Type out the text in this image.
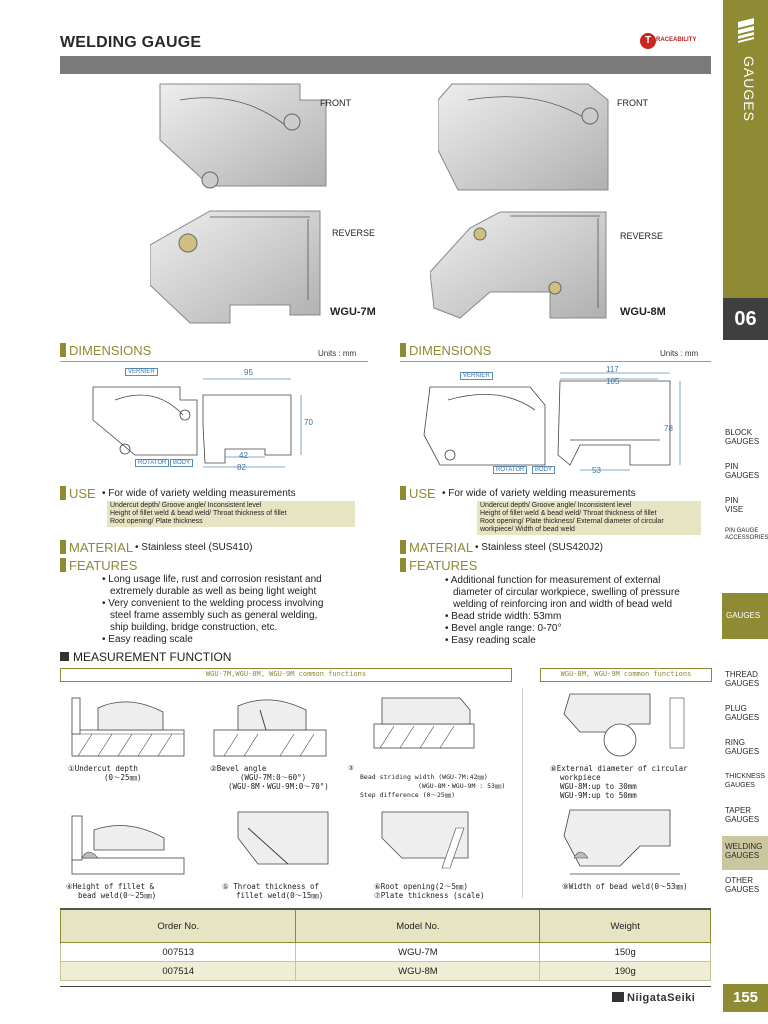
WELDING GAUGE	T RACEABILITY
GAUGES
06
BLOCK GAUGES
PIN GAUGES
PIN VISE
PIN GAUGE ACCESSORIES
GAUGES
THREAD GAUGES
PLUG GAUGES
RING GAUGES
THICKNESS GAUGES
TAPER GAUGES
WELDING GAUGES
OTHER GAUGES
FRONT
REVERSE
WGU-7M
FRONT
REVERSE
WGU-8M
DIMENSIONS	Units : mm
VERNIER
ROTATOR	BODY
95
70
42
82
USE • For wide of variety welding measurements
Undercut depth/ Groove angle/ Inconsistent level
Height of fillet weld & bead weld/ Throat thickness of fillet
Root opening/ Plate thickness
MATERIAL • Stainless steel (SUS410)
FEATURES
• Long usage life, rust and corrosion resistant and
extremely durable as well as being light weight
• Very convenient to the welding process involving
steel frame assembly such as general welding,
ship building, bridge construction, etc.
• Easy reading scale
DIMENSIONS	Units : mm
VERNIER
ROTATOR	BODY
117
105
78
53
USE • For wide of variety welding measurements
Undercut depth/ Groove angle/ Inconsistent level
Height of fillet weld & bead weld/ Throat thickness of fillet
Root opening/ Plate thickness/ External diameter of circular
workpiece/ Width of bead weld
MATERIAL • Stainless steel (SUS420J2)
FEATURES
• Additional function for measurement of external
diameter of circular workpiece, swelling of pressure
welding of reinforcing iron and width of bead weld
• Bead stride width: 53mm
• Bevel angle range: 0-70°
• Easy reading scale
MEASUREMENT FUNCTION
WGU-7M,WGU-8M, WGU-9M common functions	WGU-8M, WGU-9M common functions
①Undercut depth
(0～25㎜)
②Bevel angle
(WGU-7M:0～60°)
(WGU-8M・WGU-9M:0～70°)
③
Bead striding width (WGU-7M:42㎜)
(WGU-8M・WGU-9M : 53㎜)
Step difference (0～25㎜)
⑧External diameter of circular
workpiece
WGU-8M:up to 30mm
WGU-9M:up to 50mm
④Height of fillet &
bead weld(0～25㎜)
⑤ Throat thickness of
fillet weld(0～15㎜)
⑥Root opening(2～5㎜)
⑦Plate thickness (scale)
⑨Width of bead weld(0～53㎜)
Order No.	Model No.	Weight
007513	WGU-7M	150g
007514	WGU-8M	190g
NiigataSeiki	155
